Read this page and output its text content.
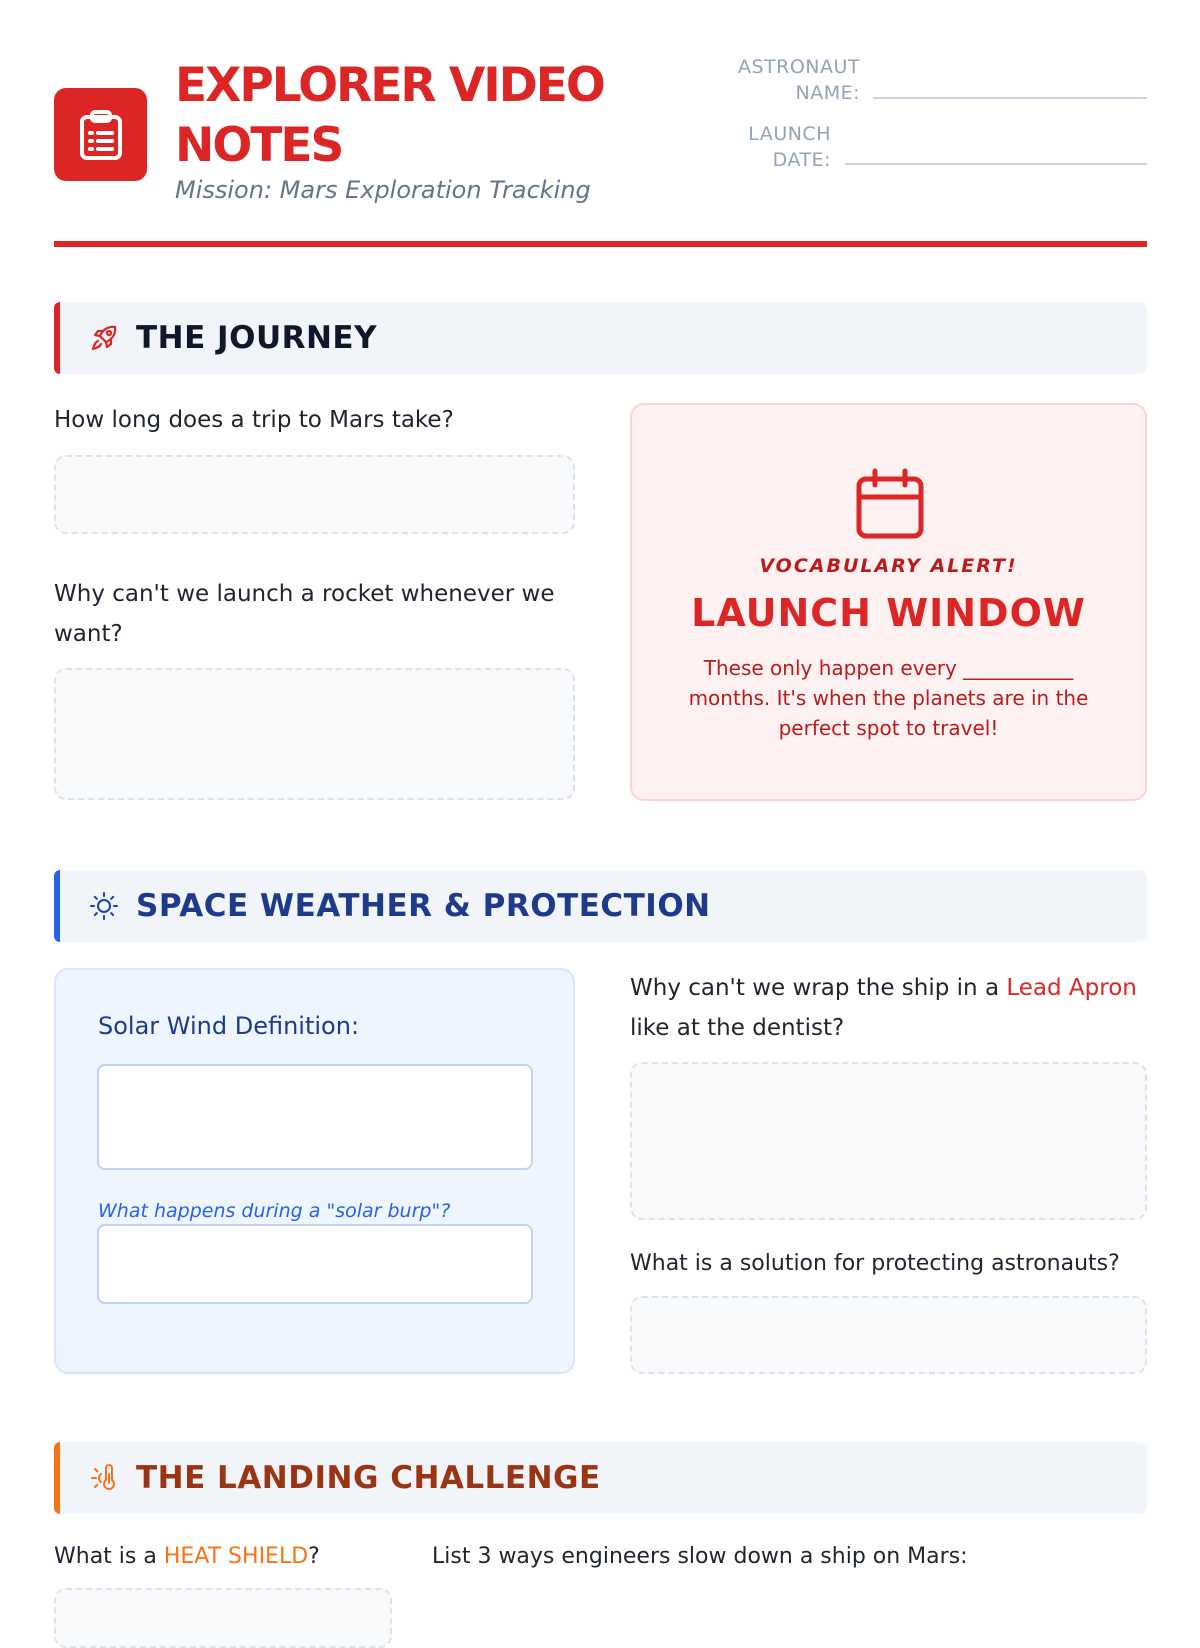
EXPLORER VIDEO NOTES
Mission: Mars Exploration Tracking
ASTRONAUT NAME:
LAUNCH DATE:
THE JOURNEY
How long does a trip to Mars take?
Why can't we launch a rocket whenever we want?
VOCABULARY ALERT!
LAUNCH WINDOW
These only happen every ___________ months. It's when the planets are in the perfect spot to travel!
SPACE WEATHER & PROTECTION
Solar Wind Definition:
What happens during a "solar burp"?
Why can't we wrap the ship in a Lead Apron like at the dentist?
What is a solution for protecting astronauts?
THE LANDING CHALLENGE
What is a HEAT SHIELD?	List 3 ways engineers slow down a ship on Mars:
